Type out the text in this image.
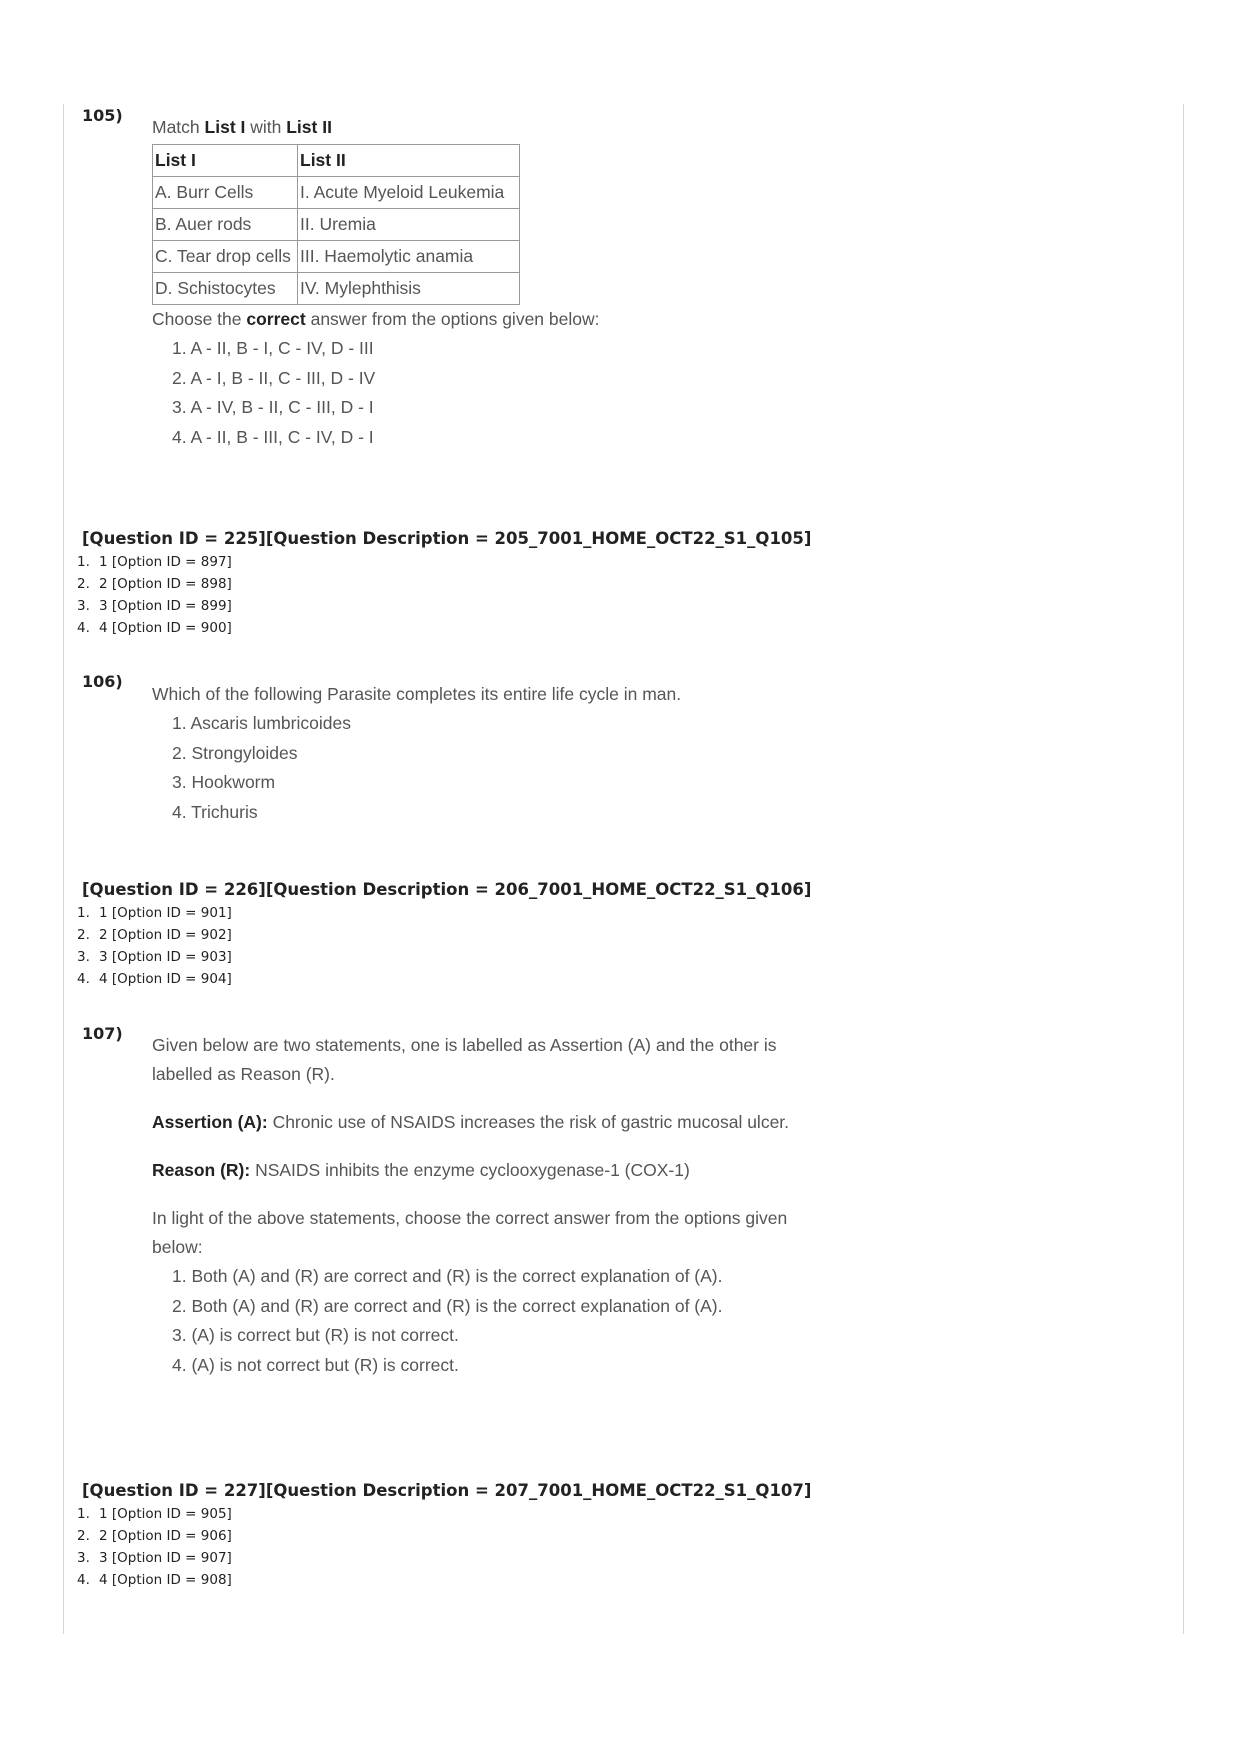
105)

Match List I with List II

List I	List II
A. Burr Cells	I. Acute Myeloid Leukemia
B. Auer rods	II. Uremia
C. Tear drop cells	III. Haemolytic anamia
D. Schistocytes	IV. Mylephthisis

Choose the correct answer from the options given below:

1. A - II, B - I, C - IV, D - III
2. A - I, B - II, C - III, D - IV
3. A - IV, B - II, C - III, D - I
4. A - II, B - III, C - IV, D - I
[Question ID = 225][Question Description = 205_7001_HOME_OCT22_S1_Q105]
1. 1 [Option ID = 897]
2. 2 [Option ID = 898]
3. 3 [Option ID = 899]
4. 4 [Option ID = 900]
106)

Which of the following Parasite completes its entire life cycle in man.

1. Ascaris lumbricoides
2. Strongyloides
3. Hookworm
4. Trichuris
[Question ID = 226][Question Description = 206_7001_HOME_OCT22_S1_Q106]
1. 1 [Option ID = 901]
2. 2 [Option ID = 902]
3. 3 [Option ID = 903]
4. 4 [Option ID = 904]
107)

Given below are two statements, one is labelled as Assertion (A) and the other is labelled as Reason (R).

Assertion (A): Chronic use of NSAIDS increases the risk of gastric mucosal ulcer.

Reason (R): NSAIDS inhibits the enzyme cyclooxygenase-1 (COX-1)

In light of the above statements, choose the correct answer from the options given below:

1. Both (A) and (R) are correct and (R) is the correct explanation of (A).
2. Both (A) and (R) are correct and (R) is the correct explanation of (A).
3. (A) is correct but (R) is not correct.
4. (A) is not correct but (R) is correct.
[Question ID = 227][Question Description = 207_7001_HOME_OCT22_S1_Q107]
1. 1 [Option ID = 905]
2. 2 [Option ID = 906]
3. 3 [Option ID = 907]
4. 4 [Option ID = 908]
